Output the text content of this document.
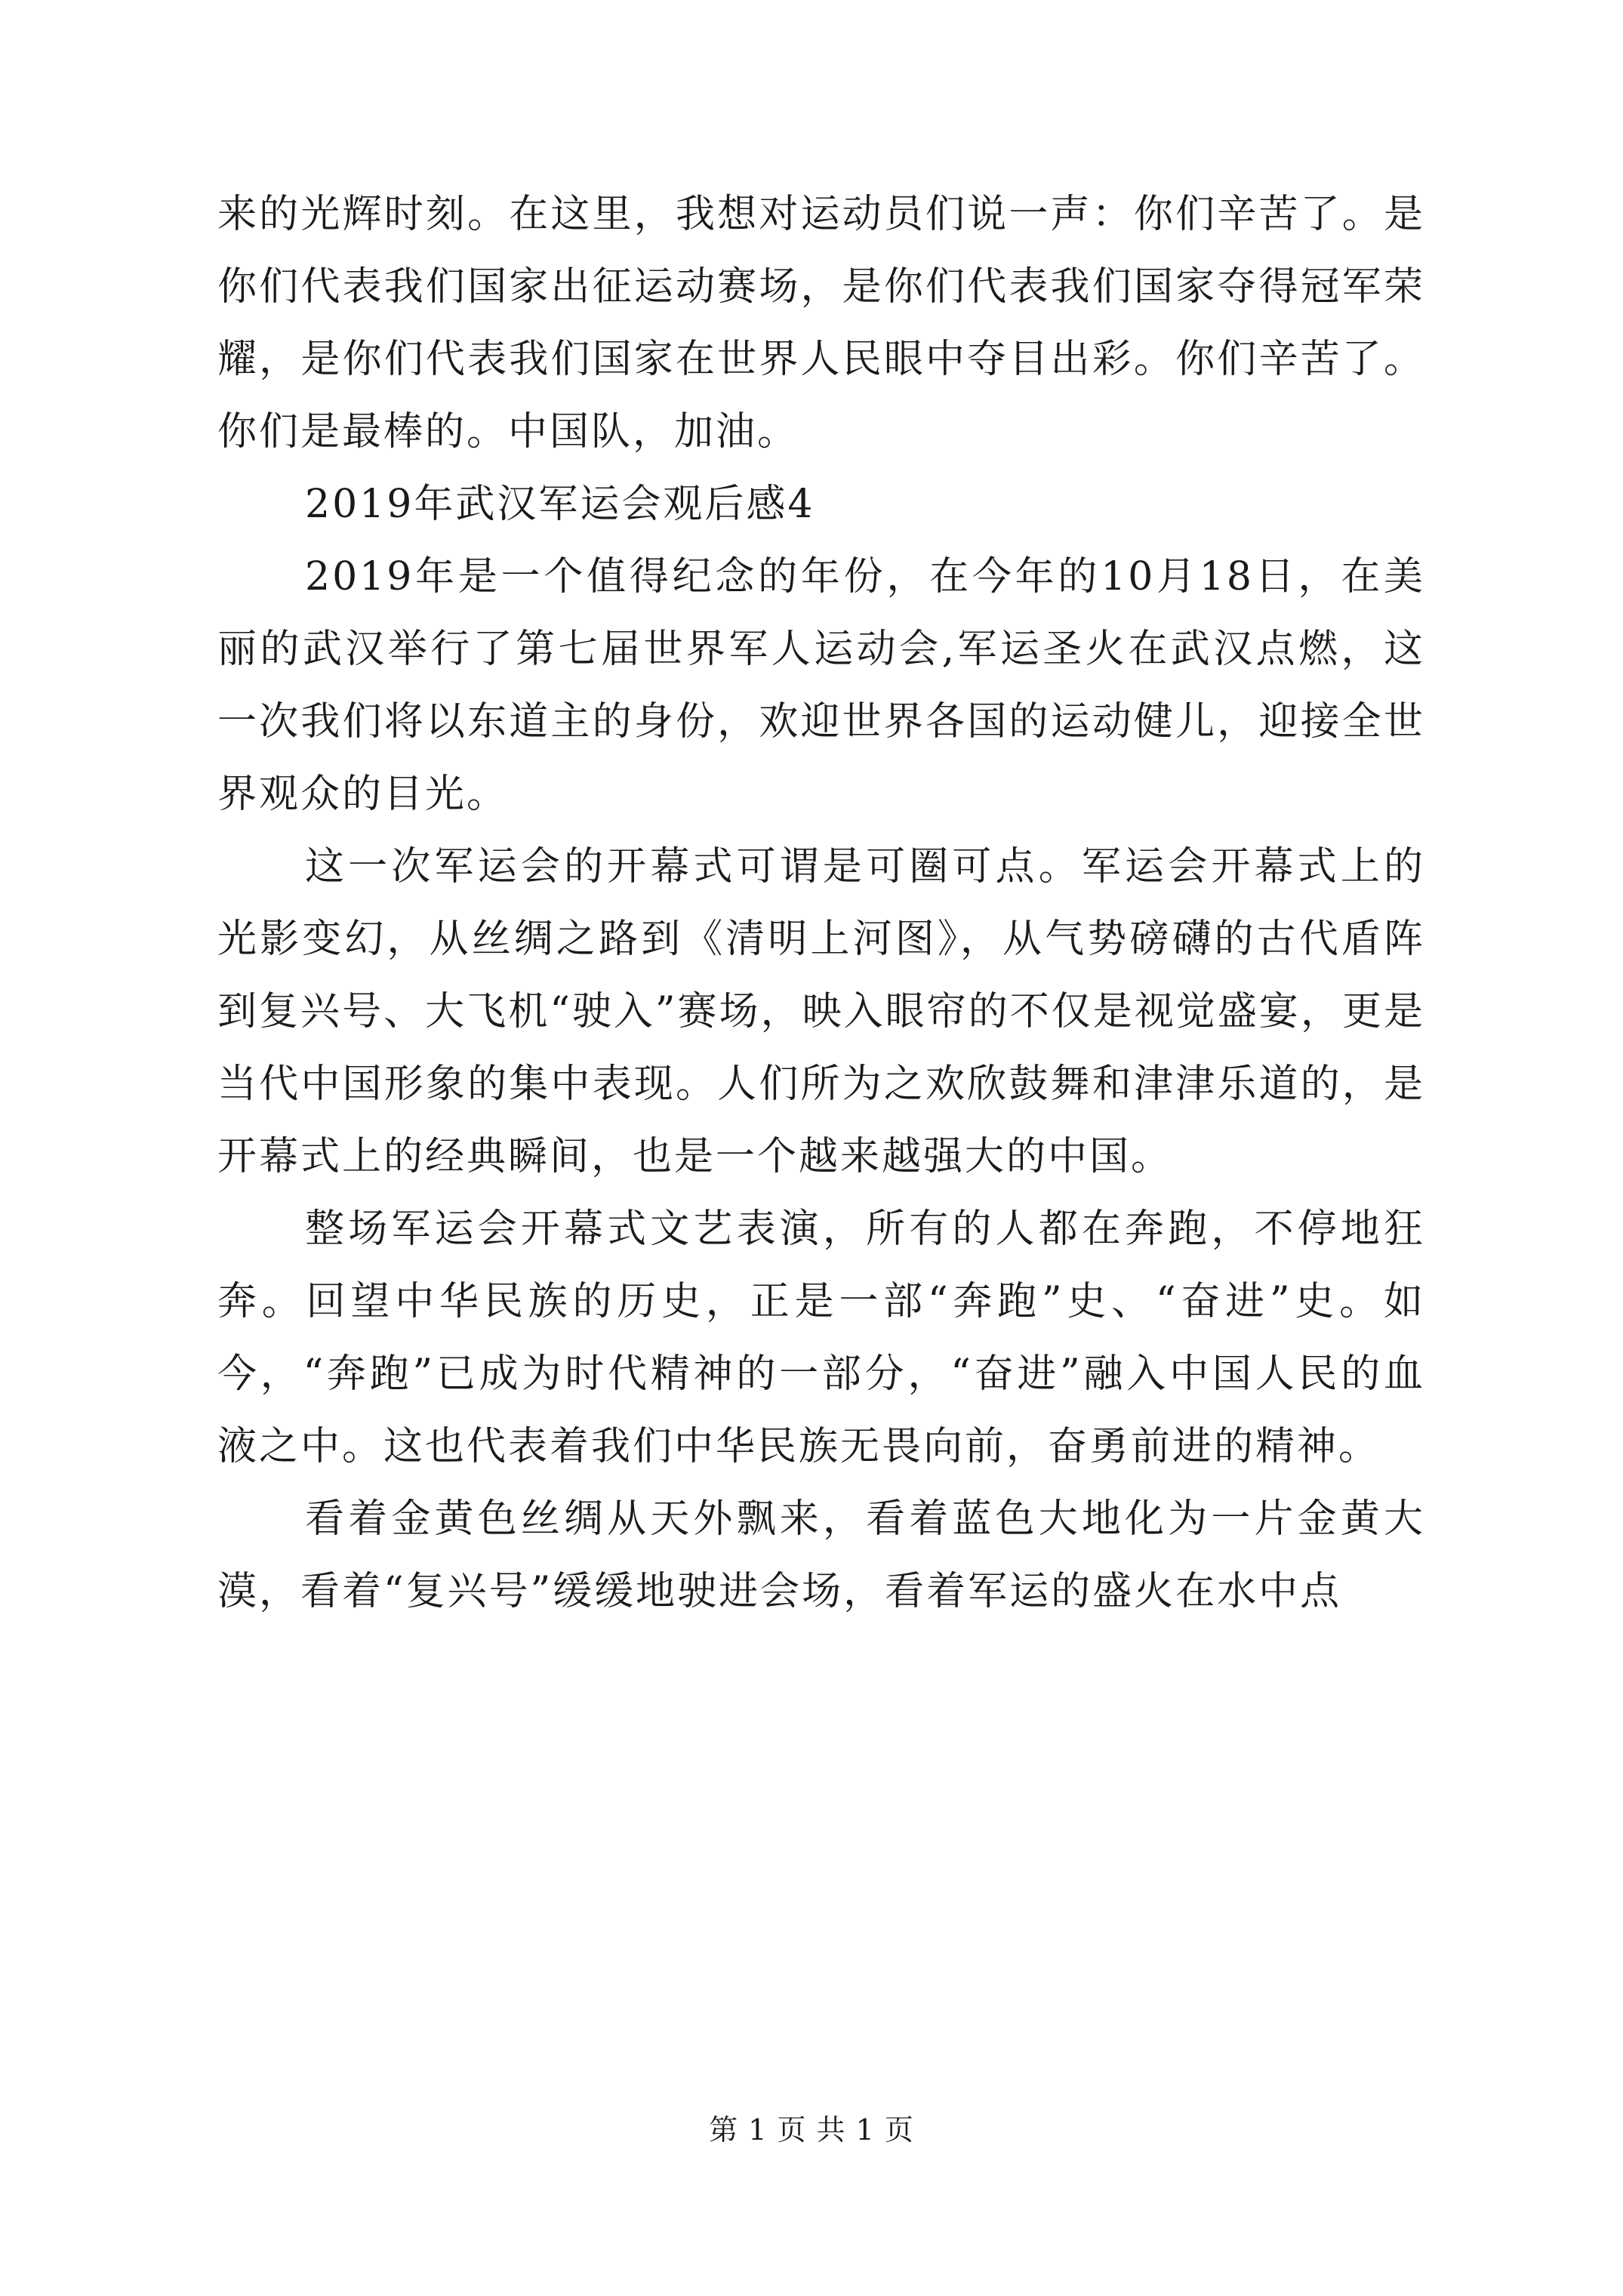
来的光辉时刻。在这里，我想对运动员们说一声：你们辛苦了。是你们代表我们国家出征运动赛场，是你们代表我们国家夺得冠军荣耀，是你们代表我们国家在世界人民眼中夺目出彩。你们辛苦了。你们是最棒的。中国队，加油。

2019年武汉军运会观后感4

2019年是一个值得纪念的年份，在今年的10月18日，在美丽的武汉举行了第七届世界军人运动会,军运圣火在武汉点燃，这一次我们将以东道主的身份，欢迎世界各国的运动健儿，迎接全世界观众的目光。

这一次军运会的开幕式可谓是可圈可点。军运会开幕式上的光影变幻，从丝绸之路到《清明上河图》，从气势磅礴的古代盾阵到复兴号、大飞机“驶入”赛场，映入眼帘的不仅是视觉盛宴，更是当代中国形象的集中表现。人们所为之欢欣鼓舞和津津乐道的，是开幕式上的经典瞬间，也是一个越来越强大的中国。

整场军运会开幕式文艺表演，所有的人都在奔跑，不停地狂奔。回望中华民族的历史，正是一部“奔跑”史、“奋进”史。如今，“奔跑”已成为时代精神的一部分，“奋进”融入中国人民的血液之中。这也代表着我们中华民族无畏向前，奋勇前进的精神。

看着金黄色丝绸从天外飘来，看着蓝色大地化为一片金黄大漠，看着“复兴号”缓缓地驶进会场，看着军运的盛火在水中点

第 1 页 共 1 页
